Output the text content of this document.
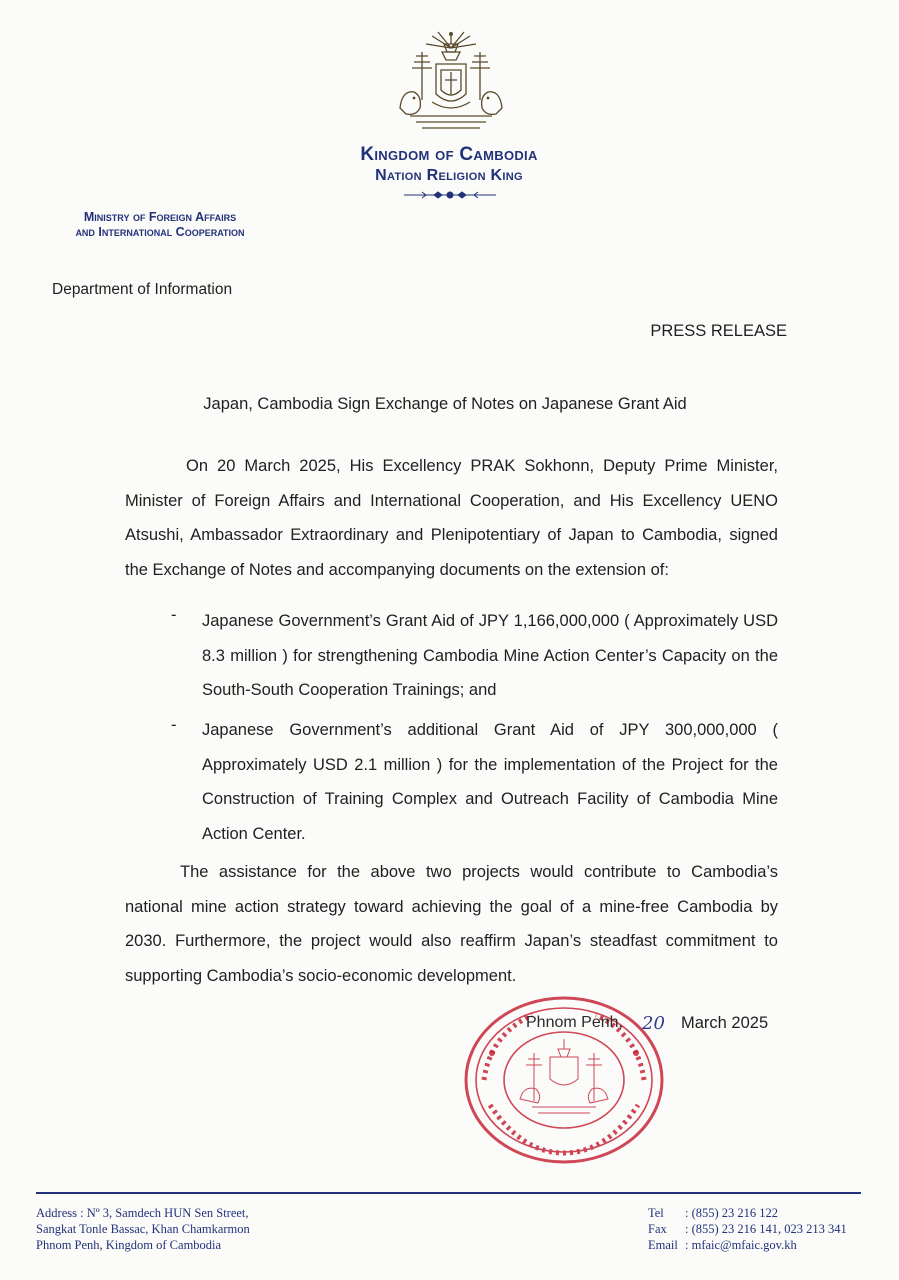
Kingdom of Cambodia
Nation Religion King
Ministry of Foreign Affairs
and International Cooperation
Department of Information
PRESS RELEASE
Japan, Cambodia Sign Exchange of Notes on Japanese Grant Aid
On 20 March 2025, His Excellency PRAK Sokhonn, Deputy Prime Minister, Minister of Foreign Affairs and International Cooperation, and His Excellency UENO Atsushi, Ambassador Extraordinary and Plenipotentiary of Japan to Cambodia, signed the Exchange of Notes and accompanying documents on the extension of:
- Japanese Government’s Grant Aid of JPY 1,166,000,000 ( Approximately USD 8.3 million ) for strengthening Cambodia Mine Action Center’s Capacity on the South-South Cooperation Trainings; and
- Japanese Government’s additional Grant Aid of JPY 300,000,000 ( Approximately USD 2.1 million ) for the implementation of the Project for the Construction of Training Complex and Outreach Facility of Cambodia Mine Action Center.
The assistance for the above two projects would contribute to Cambodia’s national mine action strategy toward achieving the goal of a mine-free Cambodia by 2030. Furthermore, the project would also reaffirm Japan’s steadfast commitment to supporting Cambodia’s socio-economic development.
Phnom Penh, 20 March 2025
Address : Nº 3, Samdech HUN Sen Street,
Sangkat Tonle Bassac, Khan Chamkarmon
Phnom Penh, Kingdom of Cambodia
Tel	: (855) 23 216 122
Fax	: (855) 23 216 141, 023 213 341
Email	: mfaic@mfaic.gov.kh
